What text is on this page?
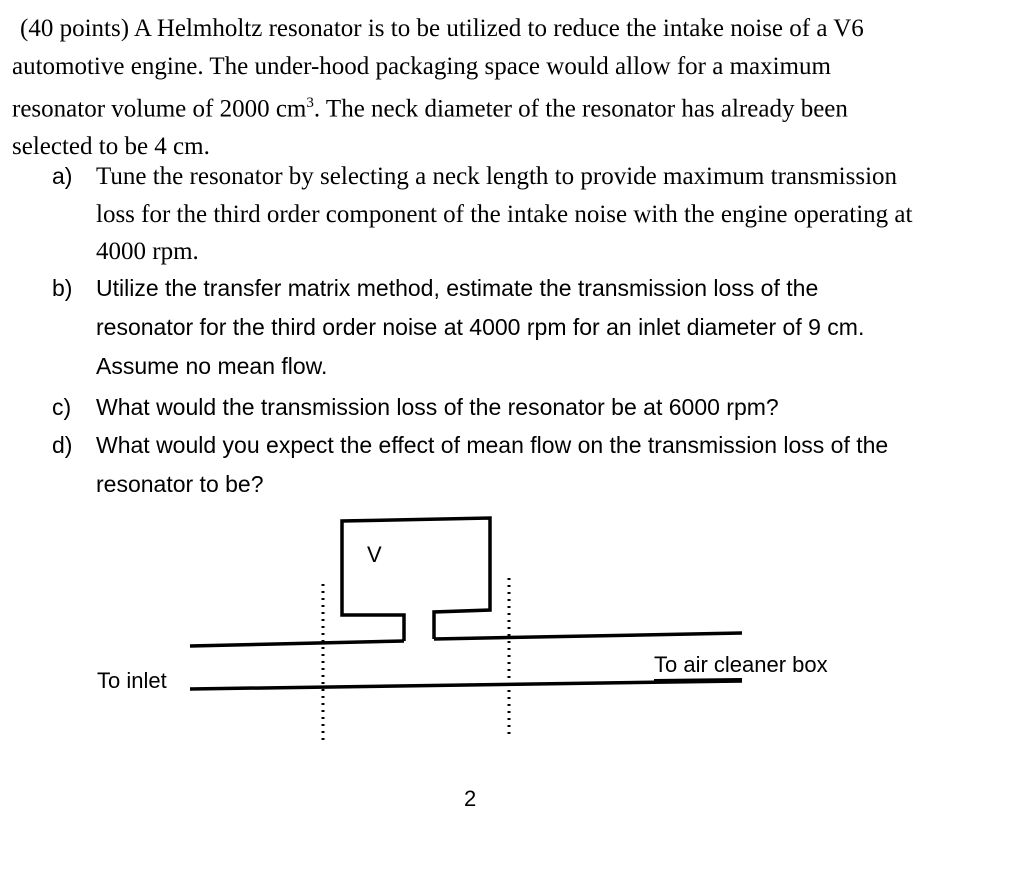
(40 points) A Helmholtz resonator is to be utilized to reduce the intake noise of a V6
automotive engine. The under-hood packaging space would allow for a maximum
resonator volume of 2000 $cm^3$. The neck diameter of the resonator has already been
selected to be 4 cm.
a) Tune the resonator by selecting a neck length to provide maximum transmission
loss for the third order component of the intake noise with the engine operating at
4000 rpm.
b) Utilize the transfer matrix method, estimate the transmission loss of the
resonator for the third order noise at 4000 rpm for an inlet diameter of 9 cm.
Assume no mean flow.
c) What would the transmission loss of the resonator be at 6000 rpm?
d) What would you expect the effect of mean flow on the transmission loss of the
resonator to be?
V
To inlet
To air cleaner box
2
